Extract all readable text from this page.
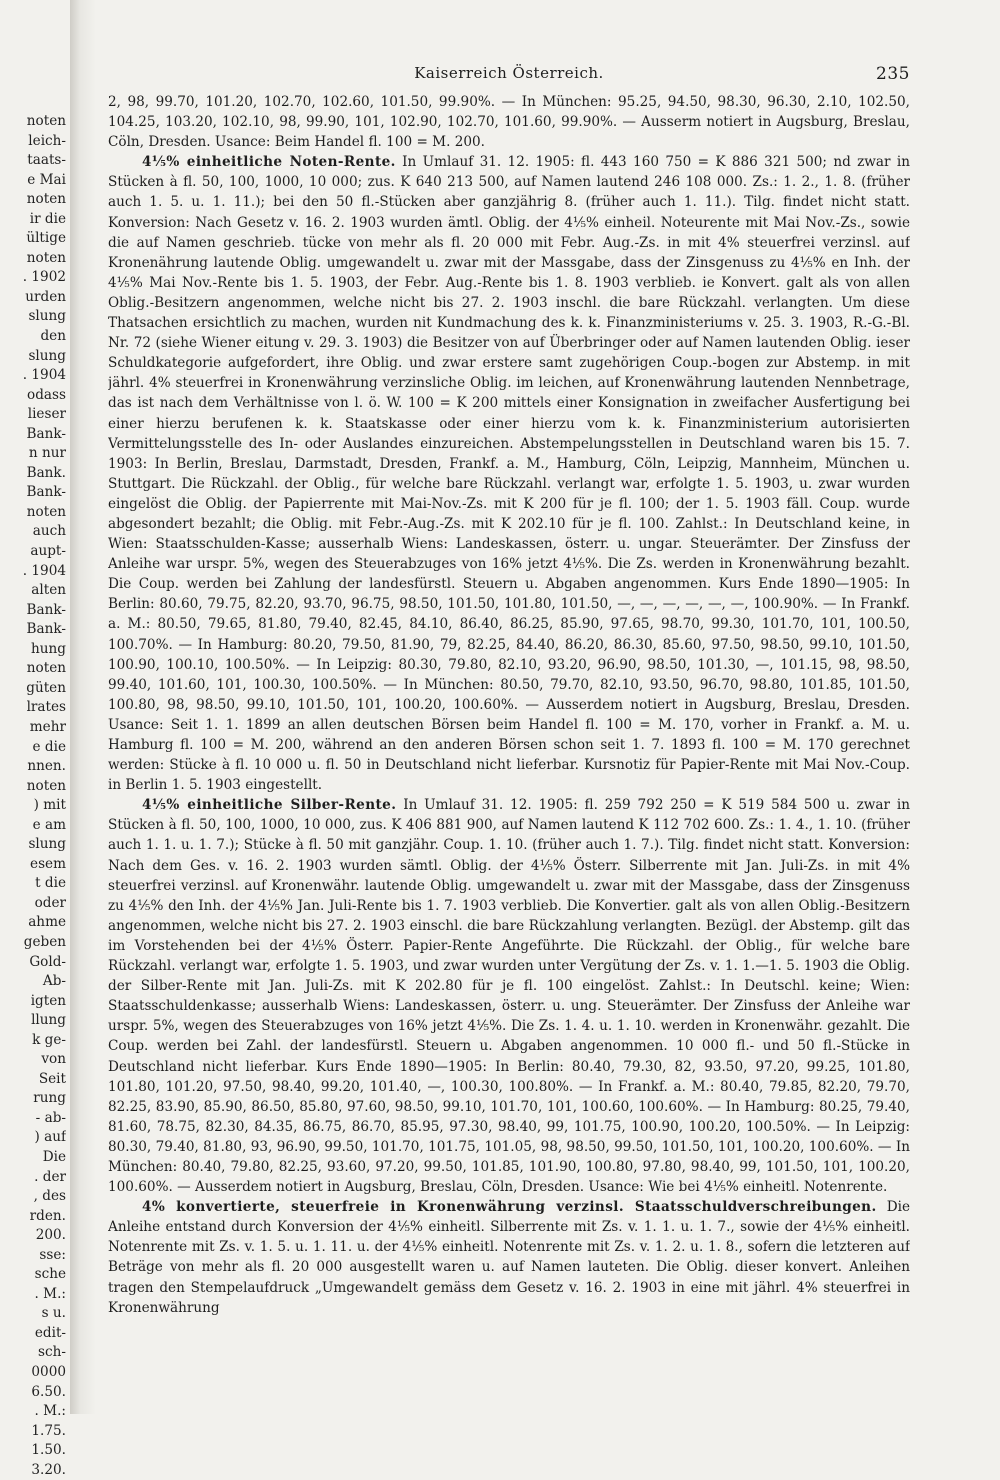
noten
leich-
taats-
e Mai
noten
ir die
ültige
noten
. 1902
urden
slung
den
slung
. 1904
odass
lieser
Bank-
n nur
Bank.
Bank-
noten
auch
aupt-
. 1904
alten
Bank-
Bank-
hung
noten
güten
lrates
mehr
e die
nnen.
noten
) mit
e am
slung
esem
t die
oder
ahme
geben
Gold-
Ab-
igten
llung
k ge-
von
Seit
rung
- ab-
) auf
Die
. der
, des
rden.
200.
sse:
sche
. M.:
s u.
edit-
sch-
0000
6.50.
. M.:
1.75.
1.50.
3.20.
Kaiserreich Österreich.	235

2, 98, 99.70, 101.20, 102.70, 102.60, 101.50, 99.90%. — In München: 95.25, 94.50, 98.30, 96.30, 2.10, 102.50, 104.25, 103.20, 102.10, 98, 99.90, 101, 102.90, 102.70, 101.60, 99.90%. — Ausserm notiert in Augsburg, Breslau, Cöln, Dresden. Usance: Beim Handel fl. 100 = M. 200.

4⅕% einheitliche Noten-Rente. In Umlauf 31. 12. 1905: fl. 443 160 750 = K 886 321 500; nd zwar in Stücken à fl. 50, 100, 1000, 10 000; zus. K 640 213 500, auf Namen lautend 246 108 000. Zs.: 1. 2., 1. 8. (früher auch 1. 5. u. 1. 11.); bei den 50 fl.-Stücken aber ganzjährig 8. (früher auch 1. 11.). Tilg. findet nicht statt. Konversion: Nach Gesetz v. 16. 2. 1903 wurden ämtl. Oblig. der 4⅕% einheil. Noteurente mit Mai Nov.-Zs., sowie die auf Namen geschrieb. tücke von mehr als fl. 20 000 mit Febr. Aug.-Zs. in mit 4% steuerfrei verzinsl. auf Kronenährung lautende Oblig. umgewandelt u. zwar mit der Massgabe, dass der Zinsgenuss zu 4⅕% en Inh. der 4⅕% Mai Nov.-Rente bis 1. 5. 1903, der Febr. Aug.-Rente bis 1. 8. 1903 verblieb. ie Konvert. galt als von allen Oblig.-Besitzern angenommen, welche nicht bis 27. 2. 1903 inschl. die bare Rückzahl. verlangten. Um diese Thatsachen ersichtlich zu machen, wurden nit Kundmachung des k. k. Finanzministeriums v. 25. 3. 1903, R.-G.-Bl. Nr. 72 (siehe Wiener eitung v. 29. 3. 1903) die Besitzer von auf Überbringer oder auf Namen lautenden Oblig. ieser Schuldkategorie aufgefordert, ihre Oblig. und zwar erstere samt zugehörigen Coup.-bogen zur Abstemp. in mit jährl. 4% steuerfrei in Kronenwährung verzinsliche Oblig. im leichen, auf Kronenwährung lautenden Nennbetrage, das ist nach dem Verhältnisse von l. ö. W. 100 = K 200 mittels einer Konsignation in zweifacher Ausfertigung bei einer hierzu berufenen k. k. Staatskasse oder einer hierzu vom k. k. Finanzministerium autorisierten Vermittelungsstelle des In- oder Auslandes einzureichen. Abstempelungsstellen in Deutschland waren bis 15. 7. 1903: In Berlin, Breslau, Darmstadt, Dresden, Frankf. a. M., Hamburg, Cöln, Leipzig, Mannheim, München u. Stuttgart. Die Rückzahl. der Oblig., für welche bare Rückzahl. verlangt war, erfolgte 1. 5. 1903, u. zwar wurden eingelöst die Oblig. der Papierrente mit Mai-Nov.-Zs. mit K 200 für je fl. 100; der 1. 5. 1903 fäll. Coup. wurde abgesondert bezahlt; die Oblig. mit Febr.-Aug.-Zs. mit K 202.10 für je fl. 100. Zahlst.: In Deutschland keine, in Wien: Staatsschulden-Kasse; ausserhalb Wiens: Landeskassen, österr. u. ungar. Steuerämter. Der Zinsfuss der Anleihe war urspr. 5%, wegen des Steuerabzuges von 16% jetzt 4⅕%. Die Zs. werden in Kronenwährung bezahlt. Die Coup. werden bei Zahlung der landesfürstl. Steuern u. Abgaben angenommen. Kurs Ende 1890—1905: In Berlin: 80.60, 79.75, 82.20, 93.70, 96.75, 98.50, 101.50, 101.80, 101.50, —, —, —, —, —, —, 100.90%. — In Frankf. a. M.: 80.50, 79.65, 81.80, 79.40, 82.45, 84.10, 86.40, 86.25, 85.90, 97.65, 98.70, 99.30, 101.70, 101, 100.50, 100.70%. — In Hamburg: 80.20, 79.50, 81.90, 79, 82.25, 84.40, 86.20, 86.30, 85.60, 97.50, 98.50, 99.10, 101.50, 100.90, 100.10, 100.50%. — In Leipzig: 80.30, 79.80, 82.10, 93.20, 96.90, 98.50, 101.30, —, 101.15, 98, 98.50, 99.40, 101.60, 101, 100.30, 100.50%. — In München: 80.50, 79.70, 82.10, 93.50, 96.70, 98.80, 101.85, 101.50, 100.80, 98, 98.50, 99.10, 101.50, 101, 100.20, 100.60%. — Ausserdem notiert in Augsburg, Breslau, Dresden. Usance: Seit 1. 1. 1899 an allen deutschen Börsen beim Handel fl. 100 = M. 170, vorher in Frankf. a. M. u. Hamburg fl. 100 = M. 200, während an den anderen Börsen schon seit 1. 7. 1893 fl. 100 = M. 170 gerechnet werden: Stücke à fl. 10 000 u. fl. 50 in Deutschland nicht lieferbar. Kursnotiz für Papier-Rente mit Mai Nov.-Coup. in Berlin 1. 5. 1903 eingestellt.

4⅕% einheitliche Silber-Rente. In Umlauf 31. 12. 1905: fl. 259 792 250 = K 519 584 500 u. zwar in Stücken à fl. 50, 100, 1000, 10 000, zus. K 406 881 900, auf Namen lautend K 112 702 600. Zs.: 1. 4., 1. 10. (früher auch 1. 1. u. 1. 7.); Stücke à fl. 50 mit ganzjähr. Coup. 1. 10. (früher auch 1. 7.). Tilg. findet nicht statt. Konversion: Nach dem Ges. v. 16. 2. 1903 wurden sämtl. Oblig. der 4⅕% Österr. Silberrente mit Jan. Juli-Zs. in mit 4% steuerfrei verzinsl. auf Kronenwähr. lautende Oblig. umgewandelt u. zwar mit der Massgabe, dass der Zinsgenuss zu 4⅕% den Inh. der 4⅕% Jan. Juli-Rente bis 1. 7. 1903 verblieb. Die Konvertier. galt als von allen Oblig.-Besitzern angenommen, welche nicht bis 27. 2. 1903 einschl. die bare Rückzahlung verlangten. Bezügl. der Abstemp. gilt das im Vorstehenden bei der 4⅕% Österr. Papier-Rente Angeführte. Die Rückzahl. der Oblig., für welche bare Rückzahl. verlangt war, erfolgte 1. 5. 1903, und zwar wurden unter Vergütung der Zs. v. 1. 1.—1. 5. 1903 die Oblig. der Silber-Rente mit Jan. Juli-Zs. mit K 202.80 für je fl. 100 eingelöst. Zahlst.: In Deutschl. keine; Wien: Staatsschuldenkasse; ausserhalb Wiens: Landeskassen, österr. u. ung. Steuerämter. Der Zinsfuss der Anleihe war urspr. 5%, wegen des Steuerabzuges von 16% jetzt 4⅕%. Die Zs. 1. 4. u. 1. 10. werden in Kronenwähr. gezahlt. Die Coup. werden bei Zahl. der landesfürstl. Steuern u. Abgaben angenommen. 10 000 fl.- und 50 fl.-Stücke in Deutschland nicht lieferbar. Kurs Ende 1890—1905: In Berlin: 80.40, 79.30, 82, 93.50, 97.20, 99.25, 101.80, 101.80, 101.20, 97.50, 98.40, 99.20, 101.40, —, 100.30, 100.80%. — In Frankf. a. M.: 80.40, 79.85, 82.20, 79.70, 82.25, 83.90, 85.90, 86.50, 85.80, 97.60, 98.50, 99.10, 101.70, 101, 100.60, 100.60%. — In Hamburg: 80.25, 79.40, 81.60, 78.75, 82.30, 84.35, 86.75, 86.70, 85.95, 97.30, 98.40, 99, 101.75, 100.90, 100.20, 100.50%. — In Leipzig: 80.30, 79.40, 81.80, 93, 96.90, 99.50, 101.70, 101.75, 101.05, 98, 98.50, 99.50, 101.50, 101, 100.20, 100.60%. — In München: 80.40, 79.80, 82.25, 93.60, 97.20, 99.50, 101.85, 101.90, 100.80, 97.80, 98.40, 99, 101.50, 101, 100.20, 100.60%. — Ausserdem notiert in Augsburg, Breslau, Cöln, Dresden. Usance: Wie bei 4⅕% einheitl. Notenrente.

4% konvertierte, steuerfreie in Kronenwährung verzinsl. Staatsschuldverschreibungen. Die Anleihe entstand durch Konversion der 4⅕% einheitl. Silberrente mit Zs. v. 1. 1. u. 1. 7., sowie der 4⅕% einheitl. Notenrente mit Zs. v. 1. 5. u. 1. 11. u. der 4⅕% einheitl. Notenrente mit Zs. v. 1. 2. u. 1. 8., sofern die letzteren auf Beträge von mehr als fl. 20 000 ausgestellt waren u. auf Namen lauteten. Die Oblig. dieser konvert. Anleihen tragen den Stempelaufdruck „Umgewandelt gemäss dem Gesetz v. 16. 2. 1903 in eine mit jährl. 4% steuerfrei in Kronenwährung
